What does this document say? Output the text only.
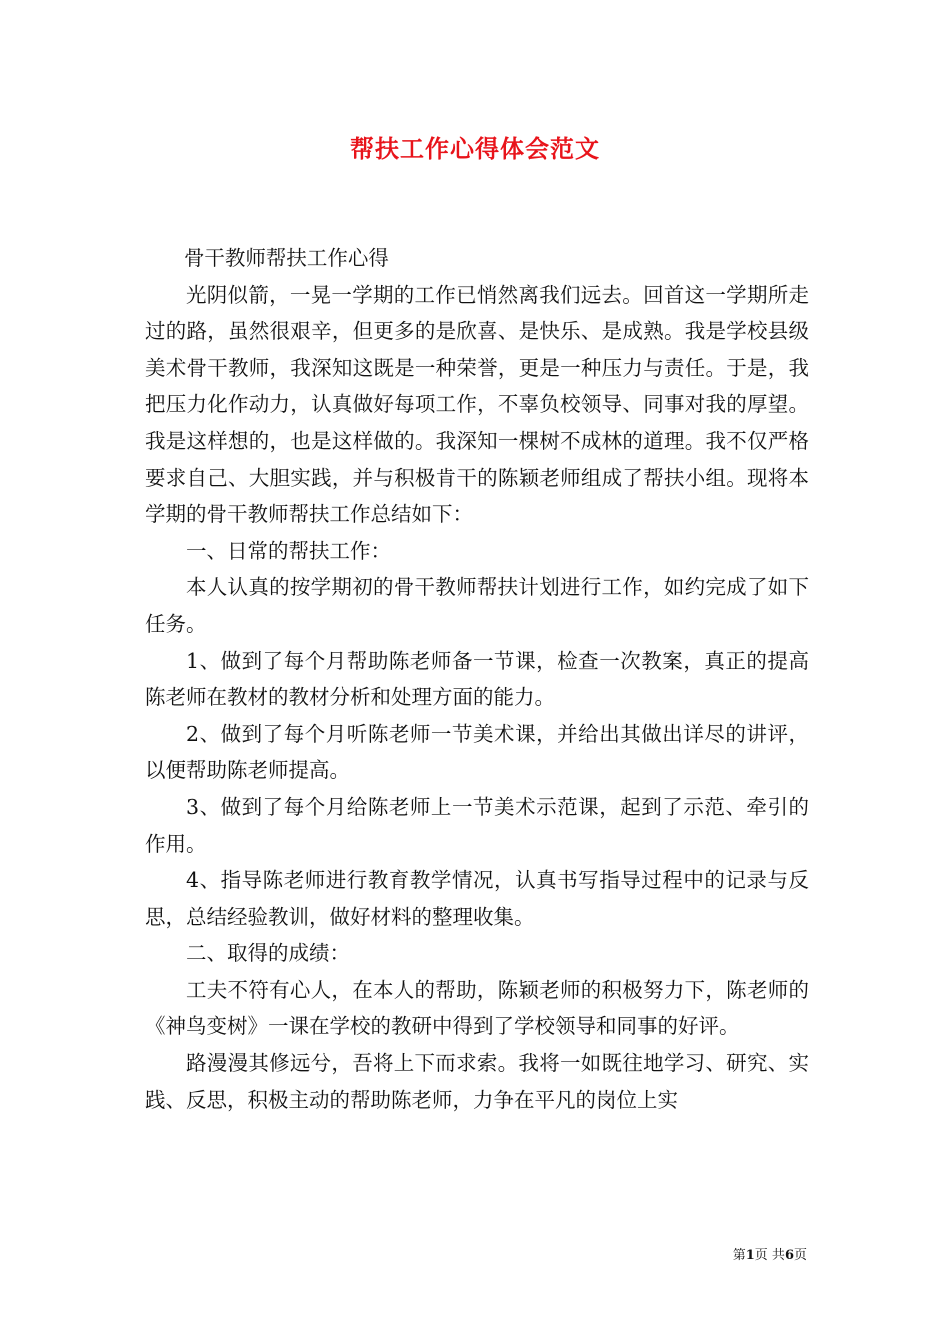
帮扶工作心得体会范文

骨干教师帮扶工作心得

光阴似箭，一晃一学期的工作已悄然离我们远去。回首这一学期所走过的路，虽然很艰辛，但更多的是欣喜、是快乐、是成熟。我是学校县级美术骨干教师，我深知这既是一种荣誉，更是一种压力与责任。于是，我把压力化作动力，认真做好每项工作，不辜负校领导、同事对我的厚望。我是这样想的，也是这样做的。我深知一棵树不成林的道理。我不仅严格要求自己、大胆实践，并与积极肯干的陈颖老师组成了帮扶小组。现将本学期的骨干教师帮扶工作总结如下：

一、日常的帮扶工作：

本人认真的按学期初的骨干教师帮扶计划进行工作，如约完成了如下任务。

1、做到了每个月帮助陈老师备一节课，检查一次教案，真正的提高陈老师在教材的教材分析和处理方面的能力。

2、做到了每个月听陈老师一节美术课，并给出其做出详尽的讲评，以便帮助陈老师提高。

3、做到了每个月给陈老师上一节美术示范课，起到了示范、牵引的作用。

4、指导陈老师进行教育教学情况，认真书写指导过程中的记录与反思，总结经验教训，做好材料的整理收集。

二、取得的成绩：

工夫不符有心人，在本人的帮助，陈颖老师的积极努力下，陈老师的《神鸟变树》一课在学校的教研中得到了学校领导和同事的好评。

路漫漫其修远兮，吾将上下而求索。我将一如既往地学习、研究、实践、反思，积极主动的帮助陈老师，力争在平凡的岗位上实

第1页 共6页
